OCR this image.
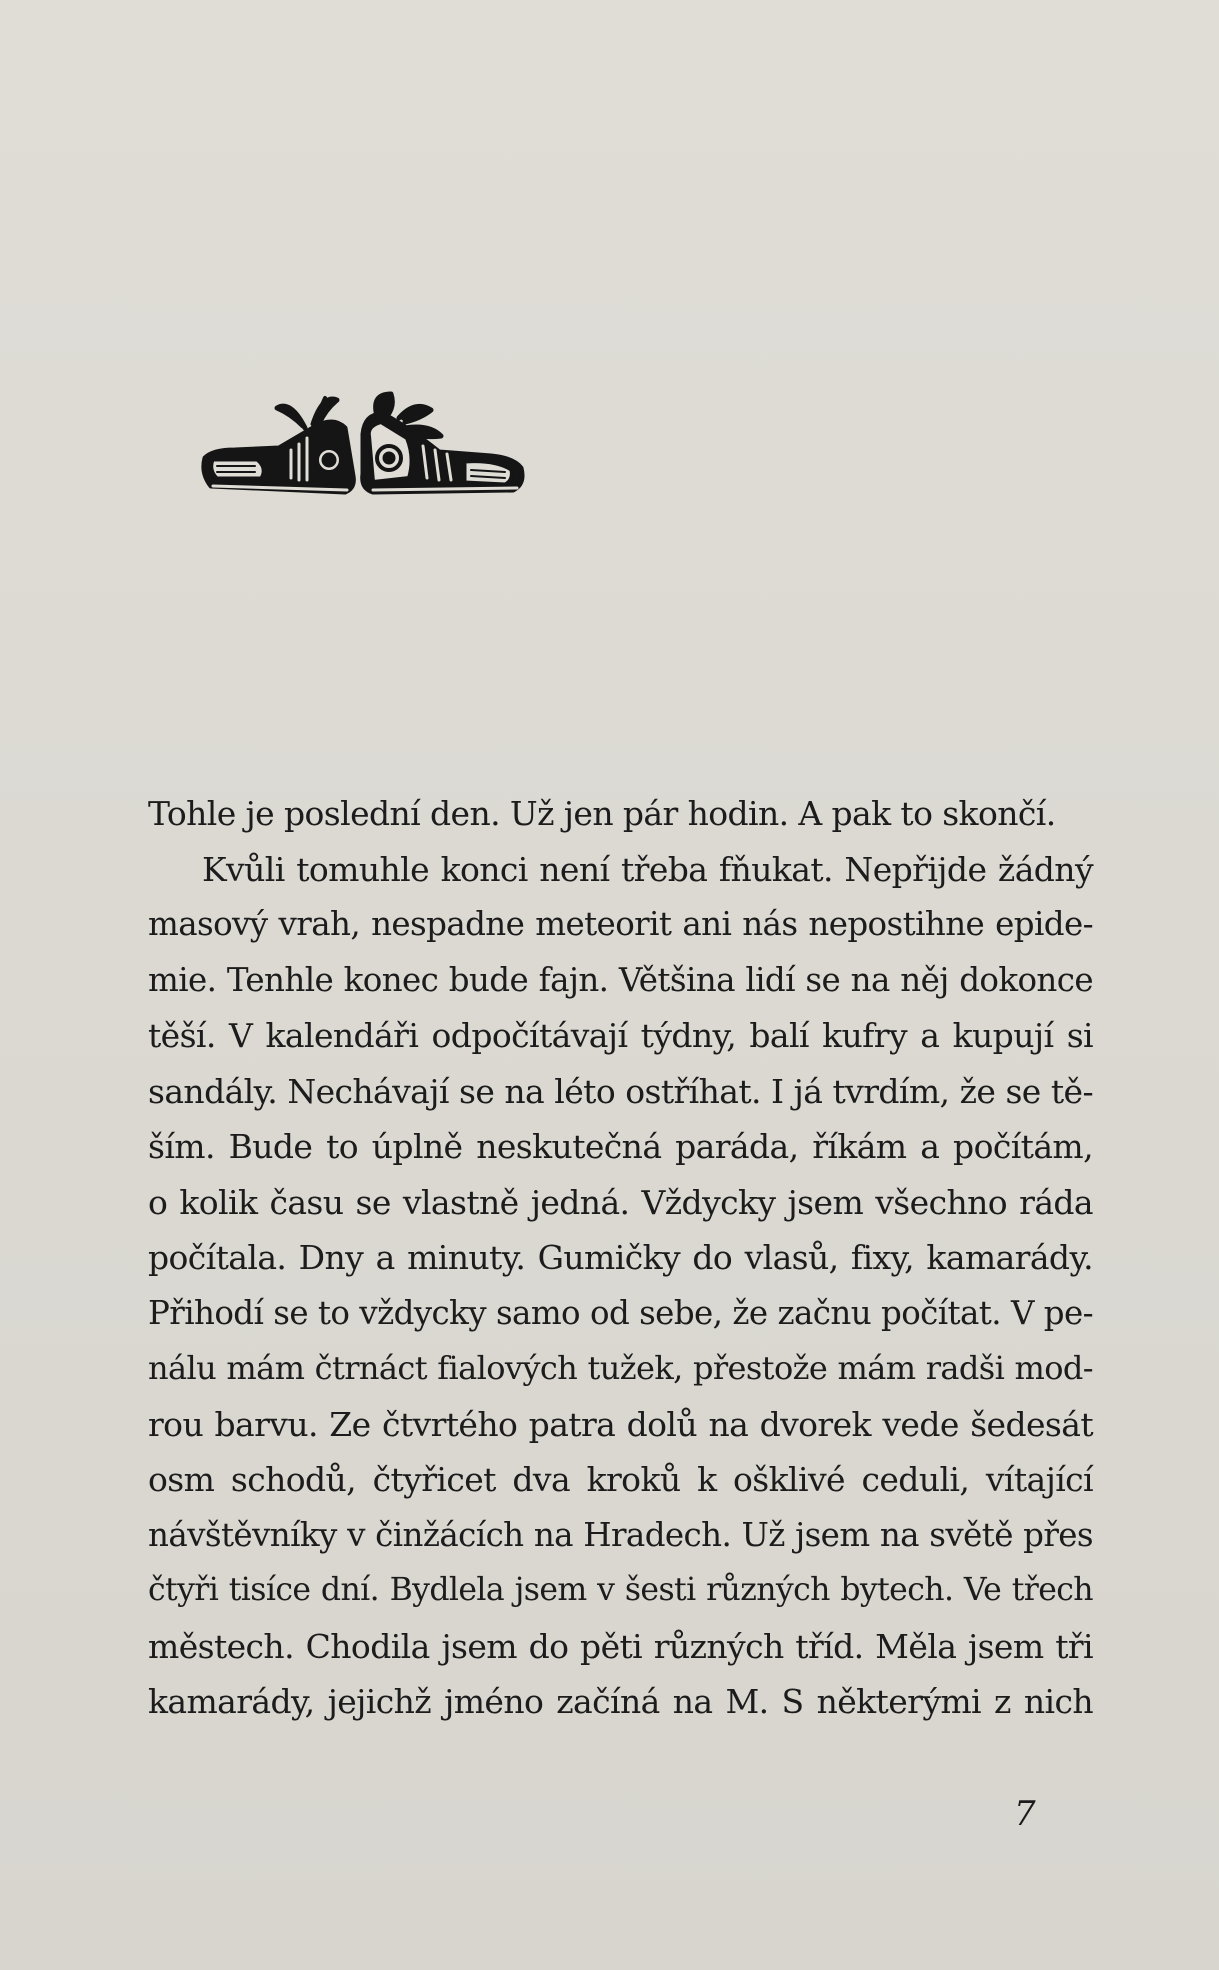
Tohle je poslední den. Už jen pár hodin. A pak to skončí.
Kvůli tomuhle konci není třeba fňukat. Nepřijde žádný
masový vrah, nespadne meteorit ani nás nepostihne epide-
mie. Tenhle konec bude fajn. Většina lidí se na něj dokonce
těší. V kalendáři odpočítávají týdny, balí kufry a kupují si
sandály. Nechávají se na léto ostříhat. I já tvrdím, že se tě-
ším. Bude to úplně neskutečná paráda, říkám a počítám,
o kolik času se vlastně jedná. Vždycky jsem všechno ráda
počítala. Dny a minuty. Gumičky do vlasů, fixy, kamarády.
Přihodí se to vždycky samo od sebe, že začnu počítat. V pe-
nálu mám čtrnáct fialových tužek, přestože mám radši mod-
rou barvu. Ze čtvrtého patra dolů na dvorek vede šedesát
osm schodů, čtyřicet dva kroků k ošklivé ceduli, vítající
návštěvníky v činžácích na Hradech. Už jsem na světě přes
čtyři tisíce dní. Bydlela jsem v šesti různých bytech. Ve třech
městech. Chodila jsem do pěti různých tříd. Měla jsem tři
kamarády, jejichž jméno začíná na M. S některými z nich
7
